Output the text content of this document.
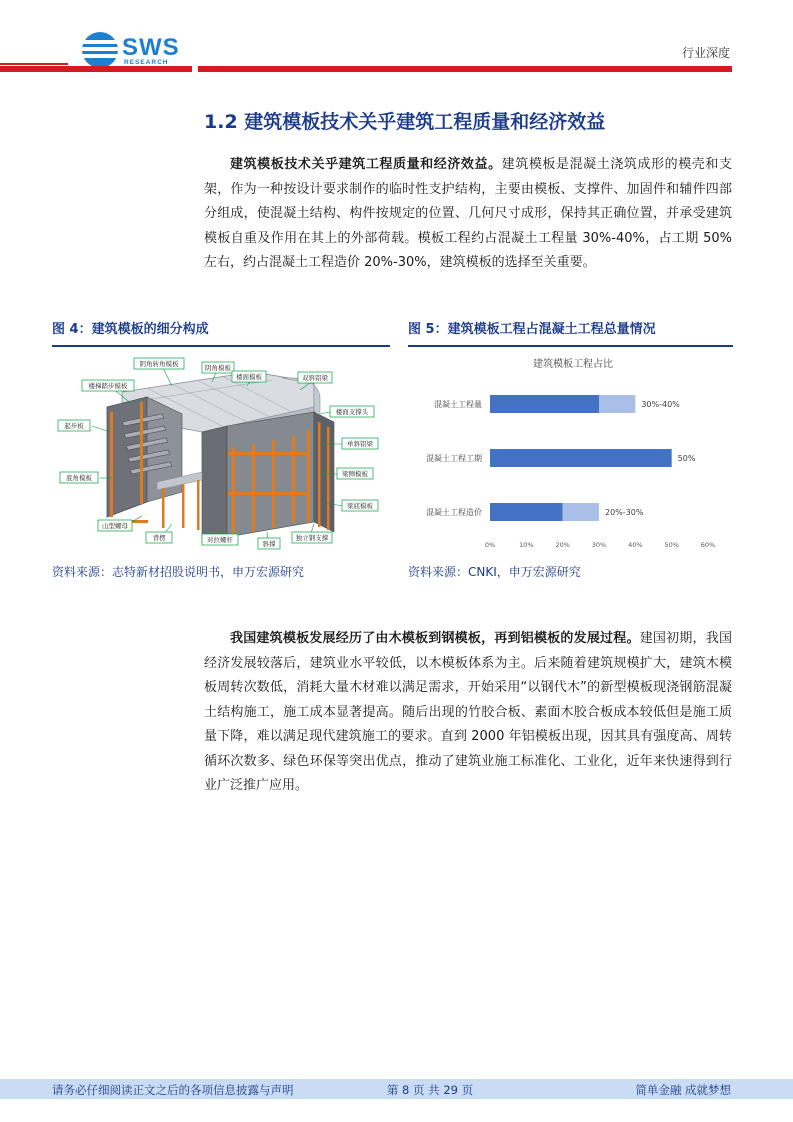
SWS
RESEARCH
行业深度
1.2 建筑模板技术关乎建筑工程质量和经济效益

建筑模板技术关乎建筑工程质量和经济效益。建筑模板是混凝土浇筑成形的模壳和支架，作为一种按设计要求制作的临时性支护结构，主要由模板、支撑件、加固件和辅件四部分组成，使混凝土结构、构件按规定的位置、几何尺寸成形，保持其正确位置，并承受建筑模板自重及作用在其上的外部荷载。模板工程约占混凝土工程量 30%-40%，占工期 50%左右，约占混凝土工程造价 20%-30%，建筑模板的选择至关重要。

图 4：建筑模板的细分构成
阴角转角模板	阴角模板
楼梯踏步模板
楼面模板	双斜铝梁
起步板
楼面支撑头
单斜铝梁
梁侧模板
底角模板
梁底模板
山型螺母
背楞	对拉螺杆	斜撑
独立钢支撑
资料来源：志特新材招股说明书，申万宏源研究
图 5：建筑模板工程占混凝土工程总量情况
建筑模板工程占比
混凝土工程量	30%-40%
混凝土工程工期	50%
混凝土工程造价	20%-30%
0%	10%	20%	30%	40%	50%	60%
资料来源：CNKI，申万宏源研究

我国建筑模板发展经历了由木模板到钢模板，再到铝模板的发展过程。建国初期，我国经济发展较落后，建筑业水平较低，以木模板体系为主。后来随着建筑规模扩大，建筑木模板周转次数低，消耗大量木材难以满足需求，开始采用“以钢代木”的新型模板现浇钢筋混凝土结构施工，施工成本显著提高。随后出现的竹胶合板、素面木胶合板成本较低但是施工质量下降，难以满足现代建筑施工的要求。直到 2000 年铝模板出现，因其具有强度高、周转循环次数多、绿色环保等突出优点，推动了建筑业施工标准化、工业化，近年来快速得到行业广泛推广应用。

请务必仔细阅读正文之后的各项信息披露与声明	第 8 页 共 29 页	简单金融 成就梦想
